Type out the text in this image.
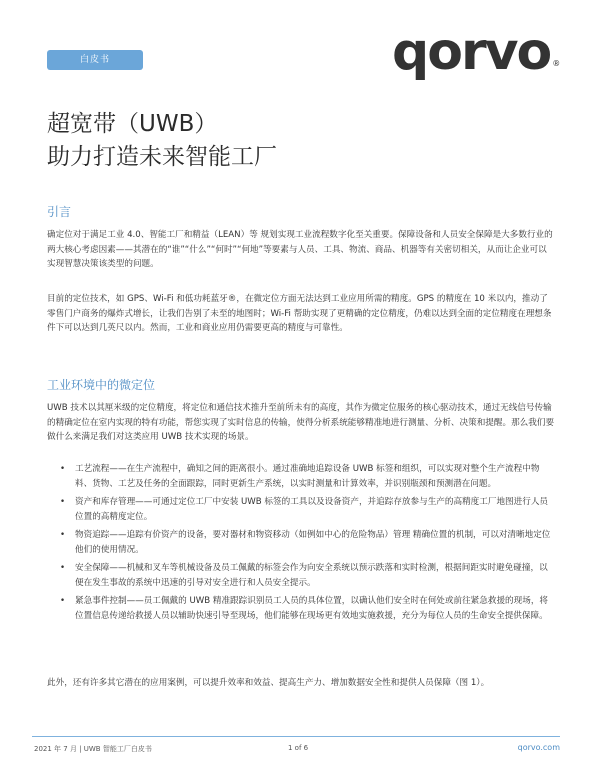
白皮书	qorvo ®
超宽带（UWB）
助力打造未来智能工厂
引言

确定位对于满足工业 4.0、智能工厂和精益（LEAN）等 规划实现工业流程数字化至关重要。保障设备和人员安全保障是大多数行业的两大核心考虑因素——其潜在的“谁”“什么”“何时”“何地”等要素与人员、工具、物流、商品、机器等有关密切相关，从而让企业可以实现智慧决策该类型的问题。

目前的定位技术，如 GPS、Wi-Fi 和低功耗蓝牙®，在微定位方面无法达到工业应用所需的精度。GPS 的精度在 10 米以内，推动了零售门户商务的爆炸式增长，让我们告别了未至的地图时；Wi-Fi 帮助实现了更精确的定位精度，仍难以达到全面的定位精度在理想条件下可以达到几英尺以内。然而，工业和商业应用仍需要更高的精度与可靠性。

工业环境中的微定位

UWB 技术以其厘米级的定位精度，将定位和通信技术推升至前所未有的高度，其作为微定位服务的核心驱动技术，通过无线信号传输的精确定位在室内实现的特有功能，帮您实现了实时信息的传输，使得分析系统能够精准地进行测量、分析、决策和提醒。那么我们要做什么来满足我们对这类应用 UWB 技术实现的场景。

• 工艺流程——在生产流程中，确知之间的距离很小。通过准确地追踪设备 UWB 标签和组织，可以实现对整个生产流程中物料、货物、工艺及任务的全面跟踪，同时更新生产系统，以实时测量和计算效率，并识别瓶颈和预测潜在问题。
• 资产和库存管理——可通过定位工厂中安装 UWB 标签的工具以及设备资产，并追踪存放参与生产的高精度工厂地图进行人员位置的高精度定位。
• 物资追踪——追踪有价资产的设备，要对器材和物资移动（如例如中心的危险物品）管理 精确位置的机制，可以对清晰地定位他们的使用情况。
• 安全保障——机械和叉车等机械设备及员工佩戴的标签会作为向安全系统以预示跌落和实时检测，根据间距实时避免碰撞，以便在发生事故的系统中迅速的引导对安全进行和人员安全提示。
• 紧急事件控制——员工佩戴的 UWB 精准跟踪识别员工人员的具体位置，以确认他们安全时在何处或前往紧急救援的现场，将位置信息传递给救援人员以辅助快速引导至现场，他们能够在现场更有效地实施救援，充分为每位人员的生命安全提供保障。

此外，还有许多其它潜在的应用案例，可以提升效率和效益、提高生产力、增加数据安全性和提供人员保障（图 1）。

2021 年 7 月 | UWB 智能工厂白皮书	1 of 6	qorvo.com
